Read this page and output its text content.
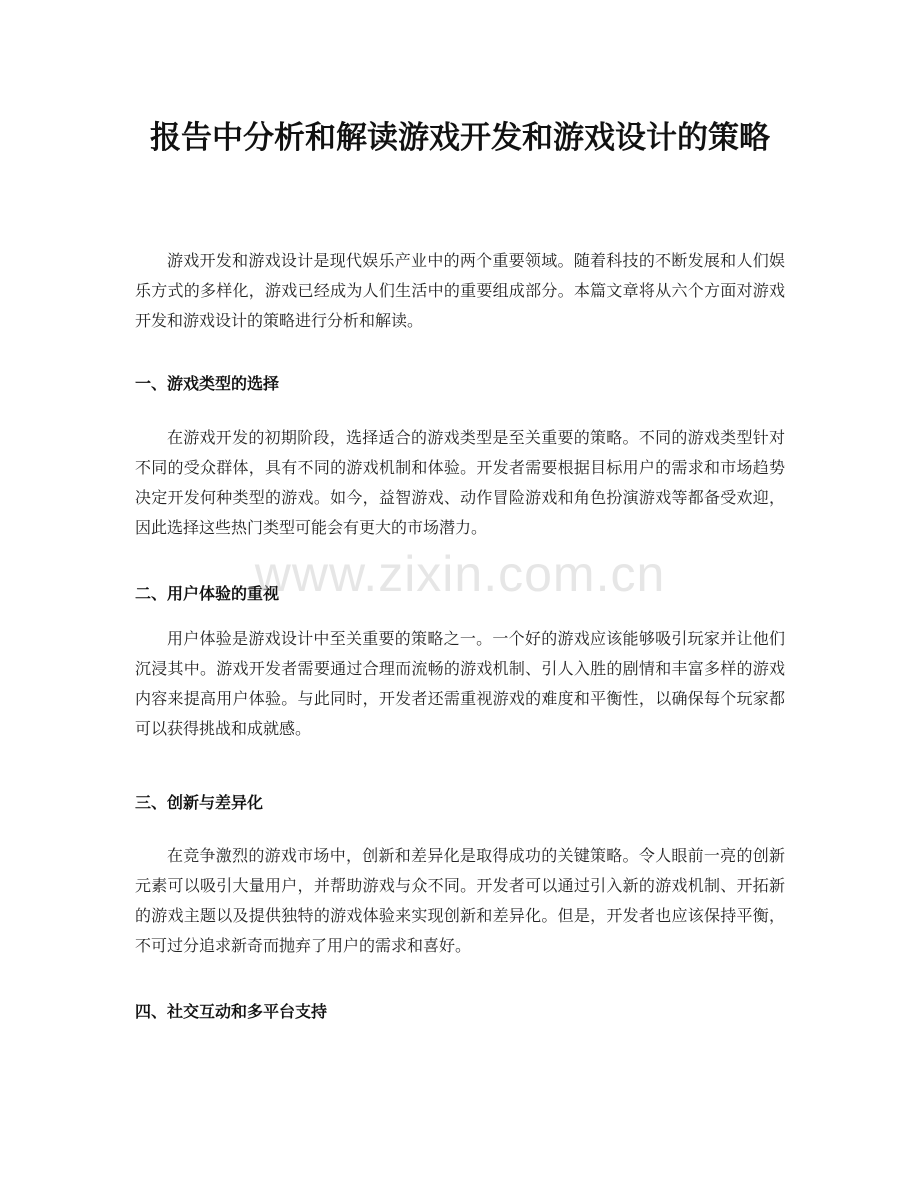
报告中分析和解读游戏开发和游戏设计的策略

游戏开发和游戏设计是现代娱乐产业中的两个重要领域。随着科技的不断发展和人们娱乐方式的多样化，游戏已经成为人们生活中的重要组成部分。本篇文章将从六个方面对游戏开发和游戏设计的策略进行分析和解读。

一、游戏类型的选择

在游戏开发的初期阶段，选择适合的游戏类型是至关重要的策略。不同的游戏类型针对不同的受众群体，具有不同的游戏机制和体验。开发者需要根据目标用户的需求和市场趋势决定开发何种类型的游戏。如今，益智游戏、动作冒险游戏和角色扮演游戏等都备受欢迎，因此选择这些热门类型可能会有更大的市场潜力。

二、用户体验的重视

用户体验是游戏设计中至关重要的策略之一。一个好的游戏应该能够吸引玩家并让他们沉浸其中。游戏开发者需要通过合理而流畅的游戏机制、引人入胜的剧情和丰富多样的游戏内容来提高用户体验。与此同时，开发者还需重视游戏的难度和平衡性，以确保每个玩家都可以获得挑战和成就感。

三、创新与差异化

在竞争激烈的游戏市场中，创新和差异化是取得成功的关键策略。令人眼前一亮的创新元素可以吸引大量用户，并帮助游戏与众不同。开发者可以通过引入新的游戏机制、开拓新的游戏主题以及提供独特的游戏体验来实现创新和差异化。但是，开发者也应该保持平衡，不可过分追求新奇而抛弃了用户的需求和喜好。

四、社交互动和多平台支持
www.zixin.com.cn
